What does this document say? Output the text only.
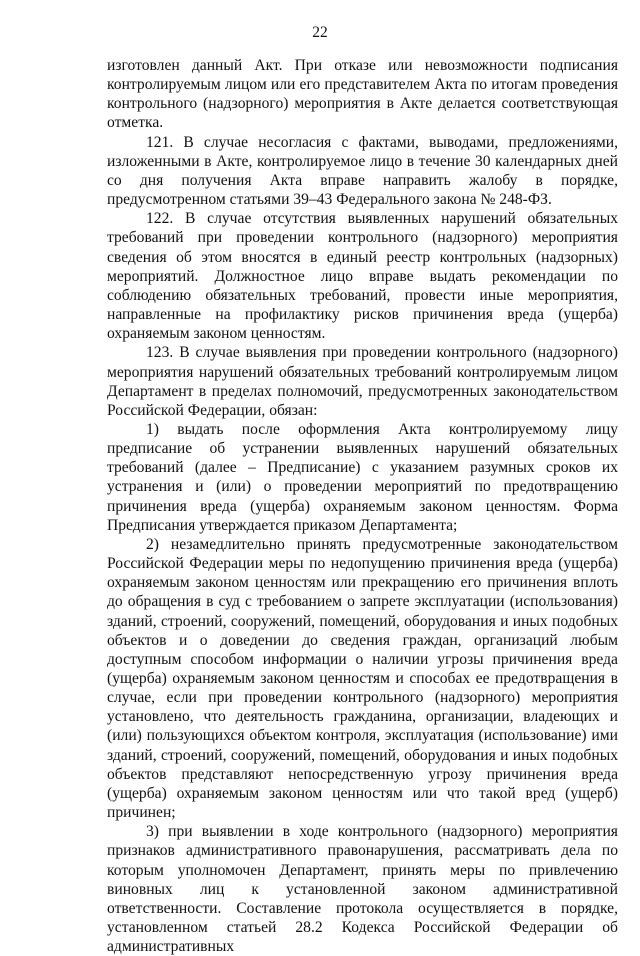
22

изготовлен данный Акт. При отказе или невозможности подписания контролируемым лицом или его представителем Акта по итогам проведения контрольного (надзорного) мероприятия в Акте делается соответствующая отметка.

121. В случае несогласия с фактами, выводами, предложениями, изложенными в Акте, контролируемое лицо в течение 30 календарных дней со дня получения Акта вправе направить жалобу в порядке, предусмотренном статьями 39–43 Федерального закона № 248-ФЗ.

122. В случае отсутствия выявленных нарушений обязательных требований при проведении контрольного (надзорного) мероприятия сведения об этом вносятся в единый реестр контрольных (надзорных) мероприятий. Должностное лицо вправе выдать рекомендации по соблюдению обязательных требований, провести иные мероприятия, направленные на профилактику рисков причинения вреда (ущерба) охраняемым законом ценностям.

123. В случае выявления при проведении контрольного (надзорного) мероприятия нарушений обязательных требований контролируемым лицом Департамент в пределах полномочий, предусмотренных законодательством Российской Федерации, обязан:

1) выдать после оформления Акта контролируемому лицу предписание об устранении выявленных нарушений обязательных требований (далее – Предписание) с указанием разумных сроков их устранения и (или) о проведении мероприятий по предотвращению причинения вреда (ущерба) охраняемым законом ценностям. Форма Предписания утверждается приказом Департамента;

2) незамедлительно принять предусмотренные законодательством Российской Федерации меры по недопущению причинения вреда (ущерба) охраняемым законом ценностям или прекращению его причинения вплоть до обращения в суд с требованием о запрете эксплуатации (использования) зданий, строений, сооружений, помещений, оборудования и иных подобных объектов и о доведении до сведения граждан, организаций любым доступным способом информации о наличии угрозы причинения вреда (ущерба) охраняемым законом ценностям и способах ее предотвращения в случае, если при проведении контрольного (надзорного) мероприятия установлено, что деятельность гражданина, организации, владеющих и (или) пользующихся объектом контроля, эксплуатация (использование) ими зданий, строений, сооружений, помещений, оборудования и иных подобных объектов представляют непосредственную угрозу причинения вреда (ущерба) охраняемым законом ценностям или что такой вред (ущерб) причинен;

3) при выявлении в ходе контрольного (надзорного) мероприятия признаков административного правонарушения, рассматривать дела по которым уполномочен Департамент, принять меры по привлечению виновных лиц к установленной законом административной ответственности. Составление протокола осуществляется в порядке, установленном статьей 28.2 Кодекса Российской Федерации об административных
